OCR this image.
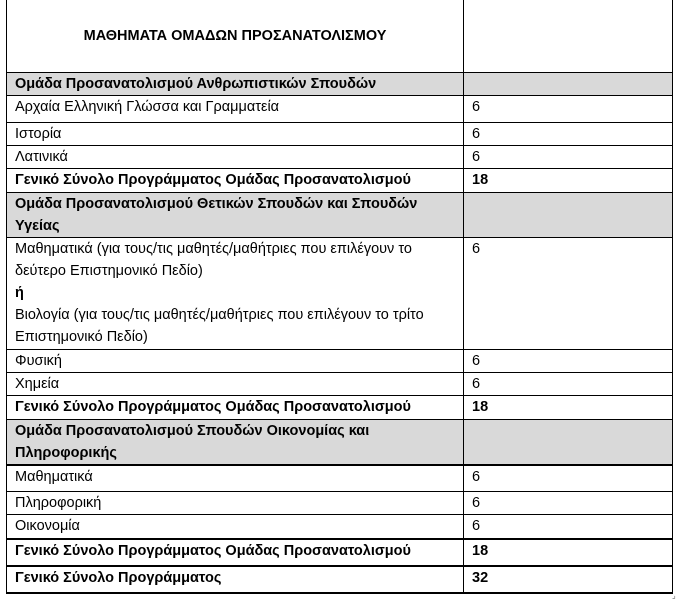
ΜΑΘΗΜΑΤΑ ΟΜΑΔΩΝ ΠΡΟΣΑΝΑΤΟΛΙΣΜΟΥ	
Ομάδα Προσανατολισμού Ανθρωπιστικών Σπουδών	
Αρχαία Ελληνική Γλώσσα και Γραμματεία	6
Ιστορία	6
Λατινικά	6
Γενικό Σύνολο Προγράμματος Ομάδας Προσανατολισμού	18
Ομάδα Προσανατολισμού Θετικών Σπουδών και Σπουδών Υγείας	

Μαθηματικά (για τους/τις μαθητές/μαθήτριες που επιλέγουν το δεύτερο Επιστημονικό Πεδίο)
ή
Βιολογία (για τους/τις μαθητές/μαθήτριες που επιλέγουν το τρίτο Επιστημονικό Πεδίο)	6
Φυσική	6
Χημεία	6
Γενικό Σύνολο Προγράμματος Ομάδας Προσανατολισμού	18
Ομάδα Προσανατολισμού Σπουδών Οικονομίας και Πληροφορικής	
Μαθηματικά	6
Πληροφορική	6
Οικονομία	6
Γενικό Σύνολο Προγράμματος Ομάδας Προσανατολισμού	18
Γενικό Σύνολο Προγράμματος	32
⌟
